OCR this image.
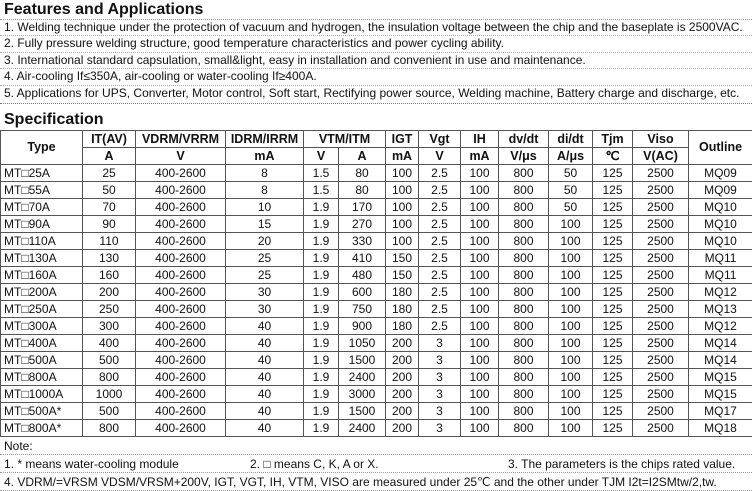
Features and Applications
1. Welding technique under the protection of vacuum and hydrogen, the insulation voltage between the chip and the baseplate is 2500VAC.
2. Fully pressure welding structure, good temperature characteristics and power cycling ability.
3. International standard capsulation, small&light, easy in installation and convenient in use and maintenance.
4. Air-cooling If≤350A, air-cooling or water-cooling If≥400A.
5. Applications for UPS, Converter, Motor control, Soft start, Rectifying power source, Welding machine, Battery charge and discharge, etc.
Specification
Type	IT(AV)	VDRM/VRRM	IDRM/IRRM	VTM/ITM		IGT	Vgt	IH	dv/dt	di/dt	Tjm	Viso	Outline
	A	V	mA	V	A	mA	V	mA	V/μs	A/μs	℃	V(AC)	
MT□25A	25	400-2600	8	1.5	80	100	2.5	100	800	50	125	2500	MQ09
MT□55A	50	400-2600	8	1.5	80	100	2.5	100	800	50	125	2500	MQ09
MT□70A	70	400-2600	10	1.9	170	100	2.5	100	800	50	125	2500	MQ10
MT□90A	90	400-2600	15	1.9	270	100	2.5	100	800	100	125	2500	MQ10
MT□110A	110	400-2600	20	1.9	330	100	2.5	100	800	100	125	2500	MQ10
MT□130A	130	400-2600	25	1.9	410	150	2.5	100	800	100	125	2500	MQ11
MT□160A	160	400-2600	25	1.9	480	150	2.5	100	800	100	125	2500	MQ11
MT□200A	200	400-2600	30	1.9	600	180	2.5	100	800	100	125	2500	MQ12
MT□250A	250	400-2600	30	1.9	750	180	2.5	100	800	100	125	2500	MQ13
MT□300A	300	400-2600	40	1.9	900	180	2.5	100	800	100	125	2500	MQ12
MT□400A	400	400-2600	40	1.9	1050	200	3	100	800	100	125	2500	MQ14
MT□500A	500	400-2600	40	1.9	1500	200	3	100	800	100	125	2500	MQ14
MT□800A	800	400-2600	40	1.9	2400	200	3	100	800	100	125	2500	MQ15
MT□1000A	1000	400-2600	40	1.9	3000	200	3	100	800	100	125	2500	MQ15
MT□500A*	500	400-2600	40	1.9	1500	200	3	100	800	100	125	2500	MQ17
MT□800A*	800	400-2600	40	1.9	2400	200	3	100	800	100	125	2500	MQ18
Note:
1. * means water-cooling module	2. □ means C, K, A or X.	3. The parameters is the chips rated value.
4. VDRM/=VRSM VDSM/VRSM+200V, IGT, VGT, IH, VTM, VISO are measured under 25℃ and the other under TJM I2t=I2SMtw/2,tw.
